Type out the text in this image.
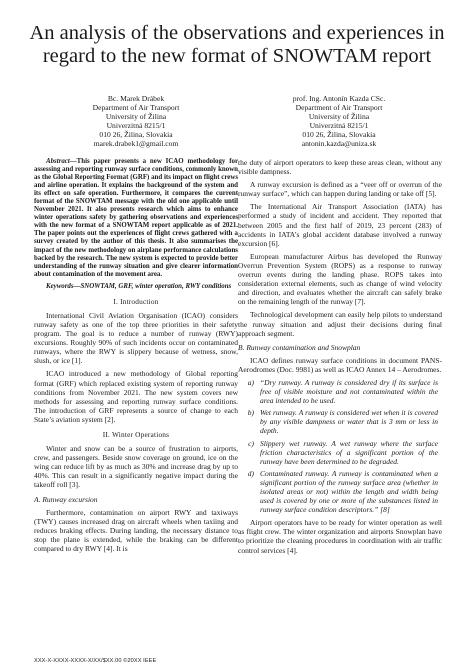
An analysis of the observations and experiences in regard to the new format of SNOWTAM report
Bc. Marek Drábek
Department of Air Transport
University of Žilina
Univerzitná 8215/1
010 26, Žilina, Slovakia
marek.drabek1@gmail.com
prof. Ing. Antonín Kazda CSc.
Department of Air Transport
University of Žilina
Univerzitná 8215/1
010 26, Žilina, Slovakia
antonin.kazda@uniza.sk

Abstract—This paper presents a new ICAO methodology for assessing and reporting runway surface conditions, commonly known as the Global Reporting Format (GRF) and its impact on flight crews and airline operation. It explains the background of the system and its effect on safe operation. Furthermore, it compares the current format of the SNOWTAM message with the old one applicable until November 2021. It also presents research which aims to enhance winter operations safety by gathering observations and experiences with the new format of a SNOWTAM report applicable as of 2021. The paper points out the experiences of flight crews gathered with a survey created by the author of this thesis. It also summarises the impact of the new methodology on airplane performance calculations backed by the research. The new system is expected to provide better understanding of the runway situation and give clearer information about contamination of the movement area.

Keywords—SNOWTAM, GRF, winter operation, RWY conditions

I. Introduction

International Civil Aviation Organisation (ICAO) considers runway safety as one of the top three priorities in their safety program. The goal is to reduce a number of runway (RWY) excursions. Roughly 90% of such incidents occur on contaminated runways, where the RWY is slippery because of wetness, snow, slush, or ice [1].

ICAO introduced a new methodology of Global reporting format (GRF) which replaced existing system of reporting runway conditions from November 2021. The new system covers new methods for assessing and reporting runway surface conditions. The introduction of GRF represents a source of change to each State’s aviation system [2].

II. Winter Operations

Winter and snow can be a source of frustration to airports, crew, and passengers. Beside snow coverage on ground, ice on the wing can reduce lift by as much as 30% and increase drag by up to 40%. This can result in a significantly negative impact during the takeoff roll [3].

A. Runway excursion

Furthermore, contamination on airport RWY and taxiways (TWY) causes increased drag on aircraft wheels when taxiing and reduces braking effects. During landing, the necessary distance to stop the plane is extended, while the braking can be different compared to dry RWY [4]. It is

the duty of airport operators to keep these areas clean, without any visible dampness.

A runway excursion is defined as a “veer off or overrun of the runway surface”, which can happen during landing or take off [5].

The International Air Transport Association (IATA) has performed a study of incident and accident. They reported that between 2005 and the first half of 2019, 23 percent (283) of accidents in IATA’s global accident database involved a runway excursion [6].

European manufacturer Airbus has developed the Runway Overrun Prevention System (ROPS) as a response to runway overrun events during the landing phase. ROPS takes into consideration external elements, such as change of wind velocity and direction, and evaluates whether the aircraft can safely brake on the remaining length of the runway [7].

Technological development can easily help pilots to understand the runway situation and adjust their decisions during final approach segment.

B. Runway contamination and Snowplan

ICAO defines runway surface conditions in document PANS-Aerodromes (Doc. 9981) as well as ICAO Annex 14 – Aerodromes.

a) “Dry runway. A runway is considered dry if its surface is free of visible moisture and not contaminated within the area intended to be used.
b) Wet runway. A runway is considered wet when it is covered by any visible dampness or water that is 3 mm or less in depth.
c) Slippery wet runway. A wet runway where the surface friction characteristics of a significant portion of the runway have been determined to be degraded.
d) Contaminated runway. A runway is contaminated when a significant portion of the runway surface area (whether in isolated areas or not) within the length and width being used is covered by one or more of the substances listed in runway surface condition descriptors.” [8]

Airport operators have to be ready for winter operation as well as flight crew. The winter organization and airports Snowplan have to prioritize the cleaning procedures in coordination with air traffic control services [4].

XXX-X-XXXX-XXXX-X/XX/$XX.00 ©20XX IEEE
